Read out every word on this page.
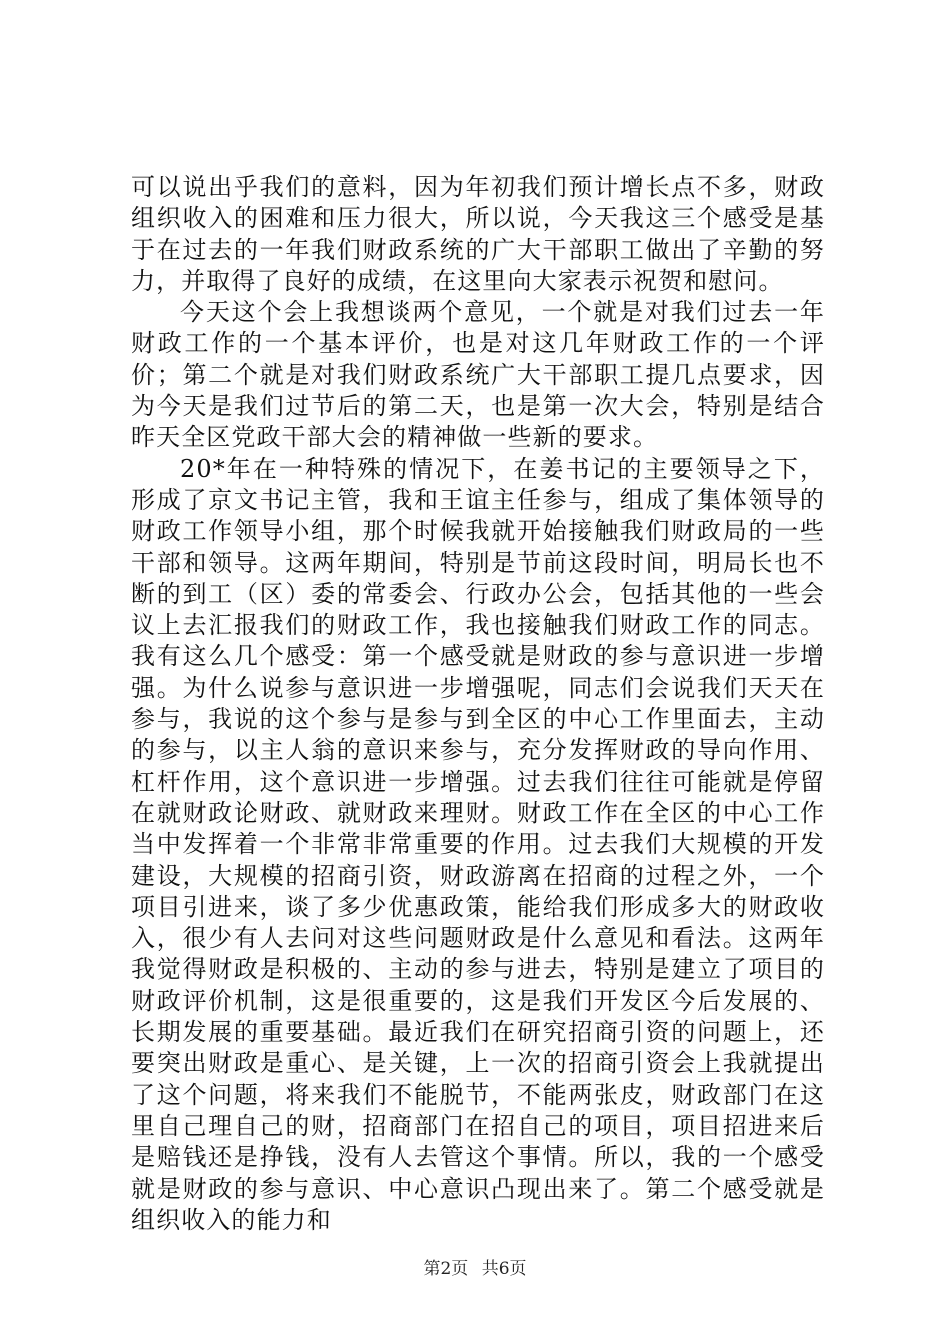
可以说出乎我们的意料，因为年初我们预计增长点不多，财政组织收入的困难和压力很大，所以说，今天我这三个感受是基于在过去的一年我们财政系统的广大干部职工做出了辛勤的努力，并取得了良好的成绩，在这里向大家表示祝贺和慰问。

今天这个会上我想谈两个意见，一个就是对我们过去一年财政工作的一个基本评价，也是对这几年财政工作的一个评价；第二个就是对我们财政系统广大干部职工提几点要求，因为今天是我们过节后的第二天，也是第一次大会，特别是结合昨天全区党政干部大会的精神做一些新的要求。

20*年在一种特殊的情况下，在姜书记的主要领导之下，形成了京文书记主管，我和王谊主任参与，组成了集体领导的财政工作领导小组，那个时候我就开始接触我们财政局的一些干部和领导。这两年期间，特别是节前这段时间，明局长也不断的到工（区）委的常委会、行政办公会，包括其他的一些会议上去汇报我们的财政工作，我也接触我们财政工作的同志。我有这么几个感受：第一个感受就是财政的参与意识进一步增强。为什么说参与意识进一步增强呢，同志们会说我们天天在参与，我说的这个参与是参与到全区的中心工作里面去，主动的参与，以主人翁的意识来参与，充分发挥财政的导向作用、杠杆作用，这个意识进一步增强。过去我们往往可能就是停留在就财政论财政、就财政来理财。财政工作在全区的中心工作当中发挥着一个非常非常重要的作用。过去我们大规模的开发建设，大规模的招商引资，财政游离在招商的过程之外，一个项目引进来，谈了多少优惠政策，能给我们形成多大的财政收入，很少有人去问对这些问题财政是什么意见和看法。这两年我觉得财政是积极的、主动的参与进去，特别是建立了项目的财政评价机制，这是很重要的，这是我们开发区今后发展的、长期发展的重要基础。最近我们在研究招商引资的问题上，还要突出财政是重心、是关键，上一次的招商引资会上我就提出了这个问题，将来我们不能脱节，不能两张皮，财政部门在这里自己理自己的财，招商部门在招自己的项目，项目招进来后是赔钱还是挣钱，没有人去管这个事情。所以，我的一个感受就是财政的参与意识、中心意识凸现出来了。第二个感受就是组织收入的能力和

第2页 共6页
